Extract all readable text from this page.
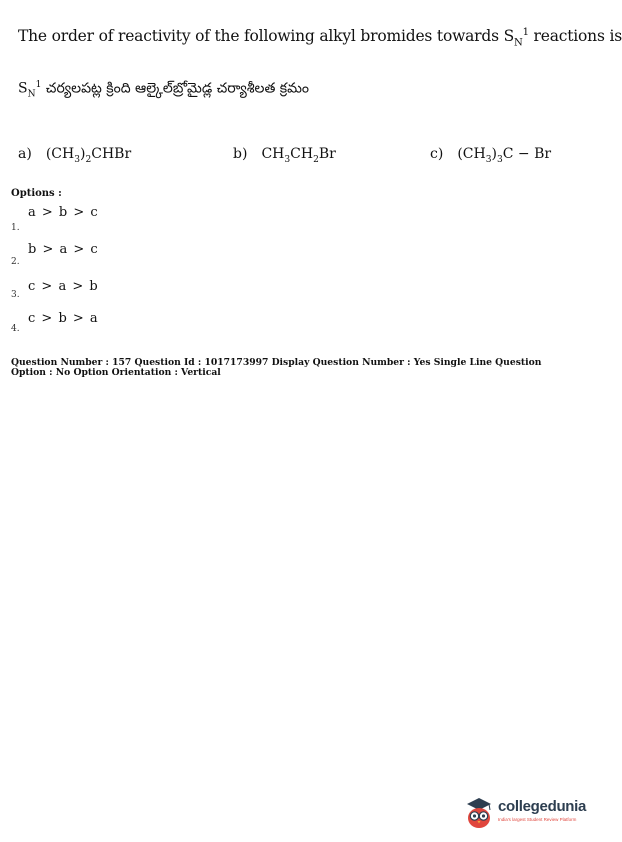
The order of reactivity of the following alkyl bromides towards $S_N^1$ reactions is
$S_N^1$ చర్యలపట్ల క్రింది ఆల్కైల్‌బ్రోమైడ్ల చర్యాశీలత క్రమం
a) $(CH_3)_2CHBr$	b) $CH_3CH_2Br$	c) $(CH_3)_3C - Br$
Options :
a > b > c
1.
b > a > c
2.
c > a > b
3.
c > b > a
4.
Question Number : 157 Question Id : 1017173997 Display Question Number : Yes Single Line Question Option : No Option Orientation : Vertical
collegedunia
India's largest Student Review Platform
